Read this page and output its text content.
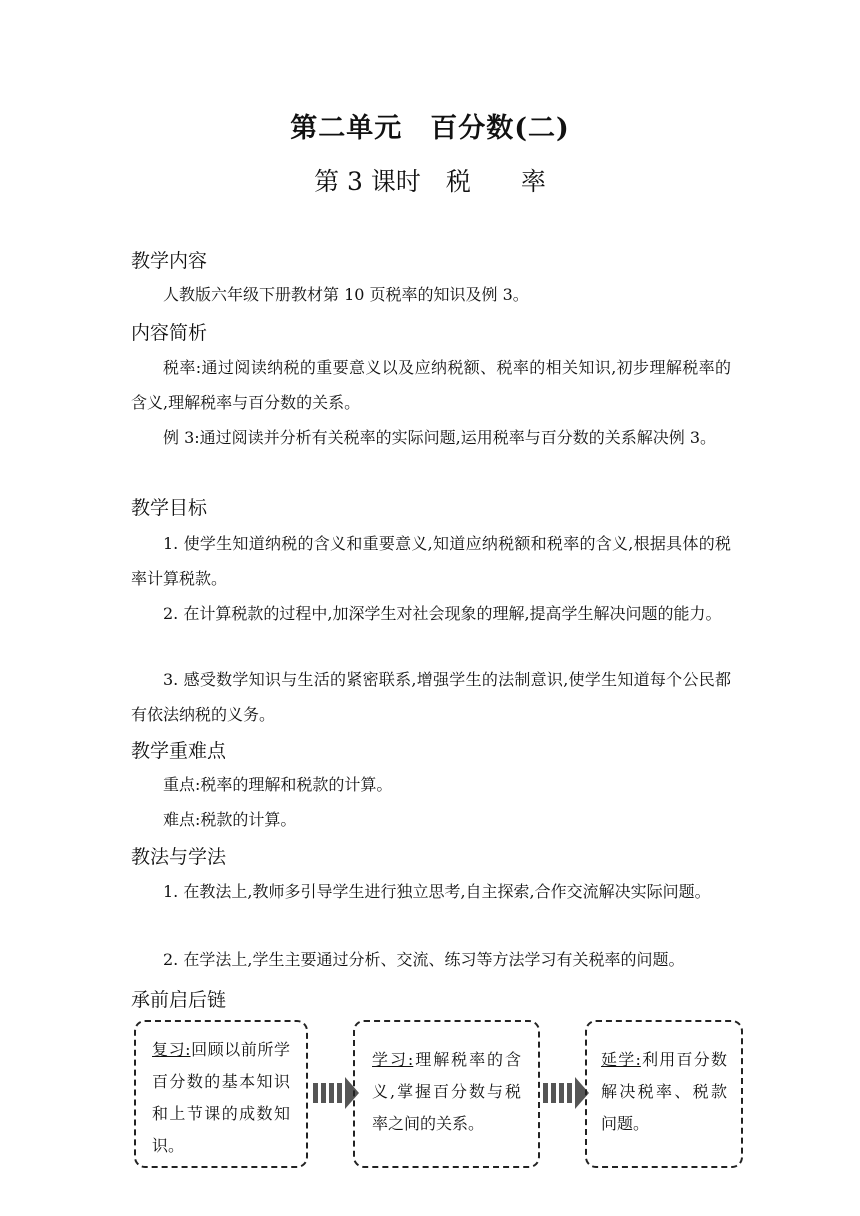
第二单元　百分数(二)
第 3 课时　税　　率
教学内容
人教版六年级下册教材第 10 页税率的知识及例 3。
内容简析
税率:通过阅读纳税的重要意义以及应纳税额、税率的相关知识,初步理解税率的含义,理解税率与百分数的关系。
例 3:通过阅读并分析有关税率的实际问题,运用税率与百分数的关系解决例 3。
教学目标
1. 使学生知道纳税的含义和重要意义,知道应纳税额和税率的含义,根据具体的税率计算税款。
2. 在计算税款的过程中,加深学生对社会现象的理解,提高学生解决问题的能力。
3. 感受数学知识与生活的紧密联系,增强学生的法制意识,使学生知道每个公民都有依法纳税的义务。
教学重难点
重点:税率的理解和税款的计算。
难点:税款的计算。
教法与学法
1. 在教法上,教师多引导学生进行独立思考,自主探索,合作交流解决实际问题。
2. 在学法上,学生主要通过分析、交流、练习等方法学习有关税率的问题。
承前启后链
复习:回顾以前所学百分数的基本知识和上节课的成数知识。
学习:理解税率的含义,掌握百分数与税率之间的关系。
延学:利用百分数解决税率、税款问题。
